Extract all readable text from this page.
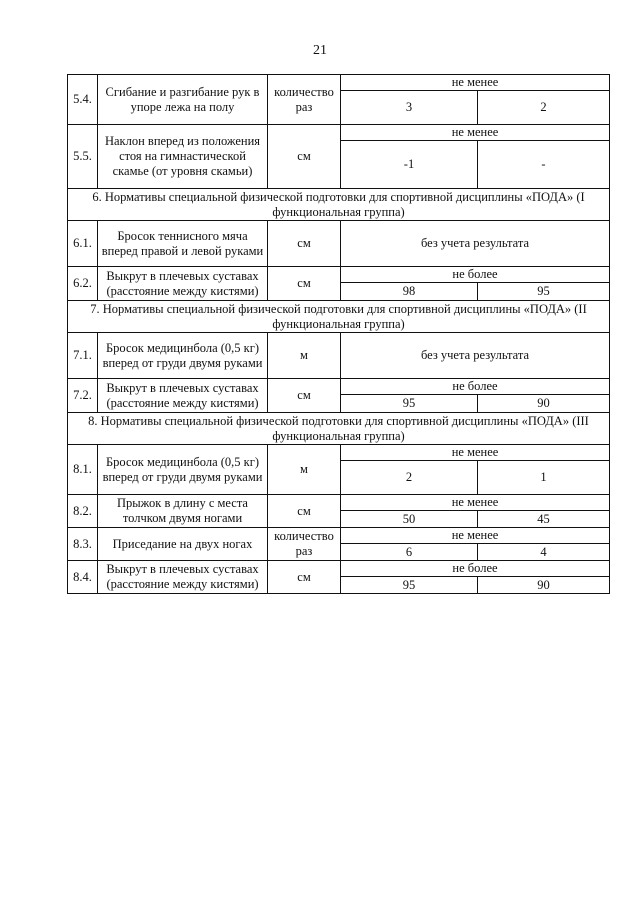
21
5.4.	Сгибание и разгибание рук в упоре лежа на полу	количество раз	не менее	
			3	2
5.5.	Наклон вперед из положения стоя на гимнастической скамье (от уровня скамьи)	см	не менее	
			-1	-
6. Нормативы специальной физической подготовки для спортивной дисциплины «ПОДА» (I функциональная группа)				
6.1.	Бросок теннисного мяча вперед правой и левой руками	см	без учета результата	
6.2.	Выкрут в плечевых суставах (расстояние между кистями)	см	не более	
			98	95
7. Нормативы специальной физической подготовки для спортивной дисциплины «ПОДА» (II функциональная группа)				
7.1.	Бросок медицинбола (0,5 кг) вперед от груди двумя руками	м	без учета результата	
7.2.	Выкрут в плечевых суставах (расстояние между кистями)	см	не более	
			95	90
8. Нормативы специальной физической подготовки для спортивной дисциплины «ПОДА» (III функциональная группа)				
8.1.	Бросок медицинбола (0,5 кг) вперед от груди двумя руками	м	не менее	
			2	1
8.2.	Прыжок в длину с места толчком двумя ногами	см	не менее	
			50	45
8.3.	Приседание на двух ногах	количество раз	не менее	
			6	4
8.4.	Выкрут в плечевых суставах (расстояние между кистями)	см	не более	
			95	90
